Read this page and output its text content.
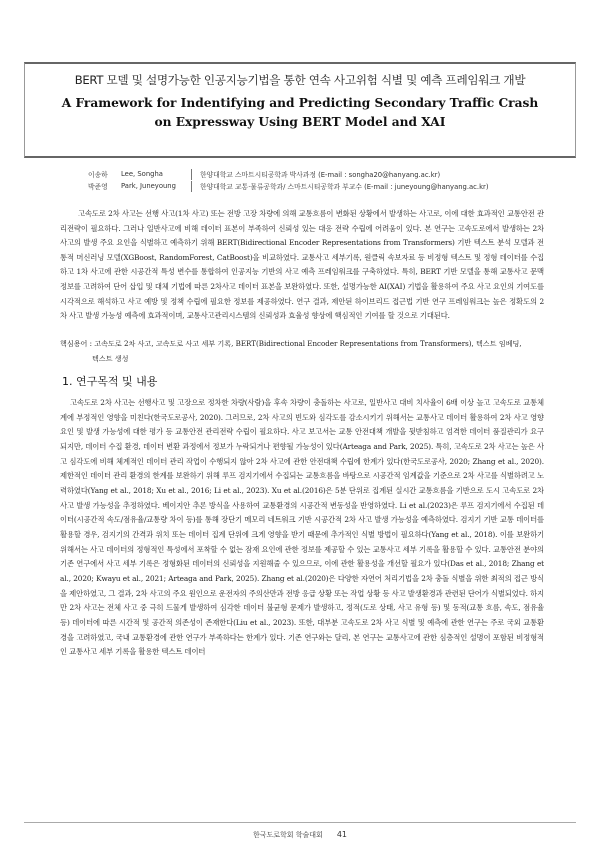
BERT 모델 및 설명가능한 인공지능기법을 통한 연속 사고위험 식별 및 예측 프레임워크 개발
A Framework for Indentifying and Predicting Secondary Traffic Crash
on Expressway Using BERT Model and XAI
이송하	Lee, Songha	한양대학교 스마트시티공학과 박사과정 (E-mail : songha20@hanyang.ac.kr)
박준영	Park, Juneyoung	한양대학교 교통·물류공학과/ 스마트시티공학과 부교수 (E-mail : juneyoung@hanyang.ac.kr)

고속도로 2차 사고는 선행 사고(1차 사고) 또는 전방 고장 차량에 의해 교통흐름이 변화된 상황에서 발생하는 사고로, 이에 대한 효과적인 교통안전 관리전략이 필요하다. 그러나 일반사고에 비해 데이터 표본이 부족하여 신뢰성 있는 대응 전략 수립에 어려움이 있다. 본 연구는 고속도로에서 발생하는 2차 사고의 발생 주요 요인을 식별하고 예측하기 위해 BERT(Bidirectional Encoder Representations from Transformers) 기반 텍스트 분석 모델과 전통적 머신러닝 모델(XGBoost, RandomForest, CatBoost)을 비교하였다. 교통사고 세부기록, 원클릭 속보자료 등 비정형 텍스트 및 정형 데이터를 수집하고 1차 사고에 관한 시공간적 특성 변수를 통합하여 인공지능 기반의 사고 예측 프레임워크를 구축하였다. 특히, BERT 기반 모델을 통해 교통사고 문맥 정보를 고려하여 단어 삽입 및 대체 기법에 따른 2차사고 데이터 표본을 보완하였다. 또한, 설명가능한 AI(XAI) 기법을 활용하여 주요 사고 요인의 기여도를 시각적으로 해석하고 사고 예방 및 정책 수립에 필요한 정보를 제공하였다. 연구 결과, 제안된 하이브리드 접근법 기반 연구 프레임워크는 높은 정확도의 2차 사고 발생 가능성 예측에 효과적이며, 교통사고관리시스템의 신뢰성과 효율성 향상에 핵심적인 기여를 할 것으로 기대된다.

핵심용어 : 고속도로 2차 사고, 고속도로 사고 세부 기록, BERT(Bidirectional Encoder Representations from Transformers), 텍스트 임베딩,
텍스트 생성
1. 연구목적 및 내용

고속도로 2차 사고는 선행사고 및 고장으로 정차한 차량(사람)을 후속 차량이 충돌하는 사고로, 일반사고 대비 치사율이 6배 이상 높고 고속도로 교통체계에 부정적인 영향을 미친다(한국도로공사, 2020). 그러므로, 2차 사고의 빈도와 심각도를 감소시키기 위해서는 교통사고 데이터 활용하여 2차 사고 영향 요인 및 발생 가능성에 대한 평가 등 교통안전 관리전략 수립이 필요하다. 사고 보고서는 교통 안전대책 개발을 뒷받침하고 엄격한 데이터 품질관리가 요구되지만, 데이터 수집 환경, 데이터 변환 과정에서 정보가 누락되거나 편향될 가능성이 있다(Arteaga and Park, 2025). 특히, 고속도로 2차 사고는 높은 사고 심각도에 비해 체계적인 데이터 관리 작업이 수행되지 않아 2차 사고에 관한 안전대책 수립에 한계가 있다(한국도로공사, 2020; Zhang et al., 2020). 제한적인 데이터 관리 환경의 한계를 보완하기 위해 루프 검지기에서 수집되는 교통흐름을 바탕으로 시공간적 임계값을 기준으로 2차 사고를 식별하려고 노력하였다(Yang et al., 2018; Xu et al., 2016; Li et al., 2023). Xu et al.(2016)은 5분 단위로 집계된 실시간 교통흐름을 기반으로 도시 고속도로 2차 사고 발생 가능성을 추정하였다. 베이지안 추론 방식을 사용하여 교통환경의 시공간적 변동성을 반영하였다. Li et al.(2023)은 루프 검지기에서 수집된 데이터(시공간적 속도/점유율/교통량 차이 등)를 통해 장단기 메모리 네트워크 기반 시공간적 2차 사고 발생 가능성을 예측하였다. 검지기 기반 교통 데이터를 활용할 경우, 검지기의 간격과 위치 또는 데이터 집계 단위에 크게 영향을 받기 때문에 추가적인 식별 방법이 필요하다(Yang et al., 2018). 이를 보완하기 위해서는 사고 데이터의 정형적인 특성에서 포착할 수 없는 잠재 요인에 관한 정보를 제공할 수 있는 교통사고 세부 기록을 활용할 수 있다. 교통안전 분야의 기존 연구에서 사고 세부 기록은 정형화된 데이터의 신뢰성을 지원해줄 수 있으므로, 이에 관한 활용성을 개선할 필요가 있다(Das et al., 2018; Zhang et al., 2020; Kwayu et al., 2021; Arteaga and Park, 2025). Zhang et al.(2020)은 다양한 자연어 처리기법을 2차 충돌 식별을 위한 최적의 접근 방식을 제안하였고, 그 결과, 2차 사고의 주요 원인으로 운전자의 주의산만과 전방 응급 상황 또는 작업 상황 등 사고 발생환경과 관련된 단어가 식별되었다. 하지만 2차 사고는 전체 사고 중 극히 드물게 발생하여 심각한 데이터 불균형 문제가 발생하고, 정적(도로 상태, 사고 유형 등) 및 동적(교통 흐름, 속도, 점유율 등) 데이터에 따른 시간적 및 공간적 의존성이 존재한다(Liu et al., 2023). 또한, 대부분 고속도로 2차 사고 식별 및 예측에 관한 연구는 주로 국외 교통환경을 고려하였고, 국내 교통환경에 관한 연구가 부족하다는 한계가 있다. 기존 연구와는 달리, 본 연구는 교통사고에 관한 심층적인 설명이 포함된 비정형적인 교통사고 세부 기록을 활용한 텍스트 데이터

한국도로학회 학술대회 41
